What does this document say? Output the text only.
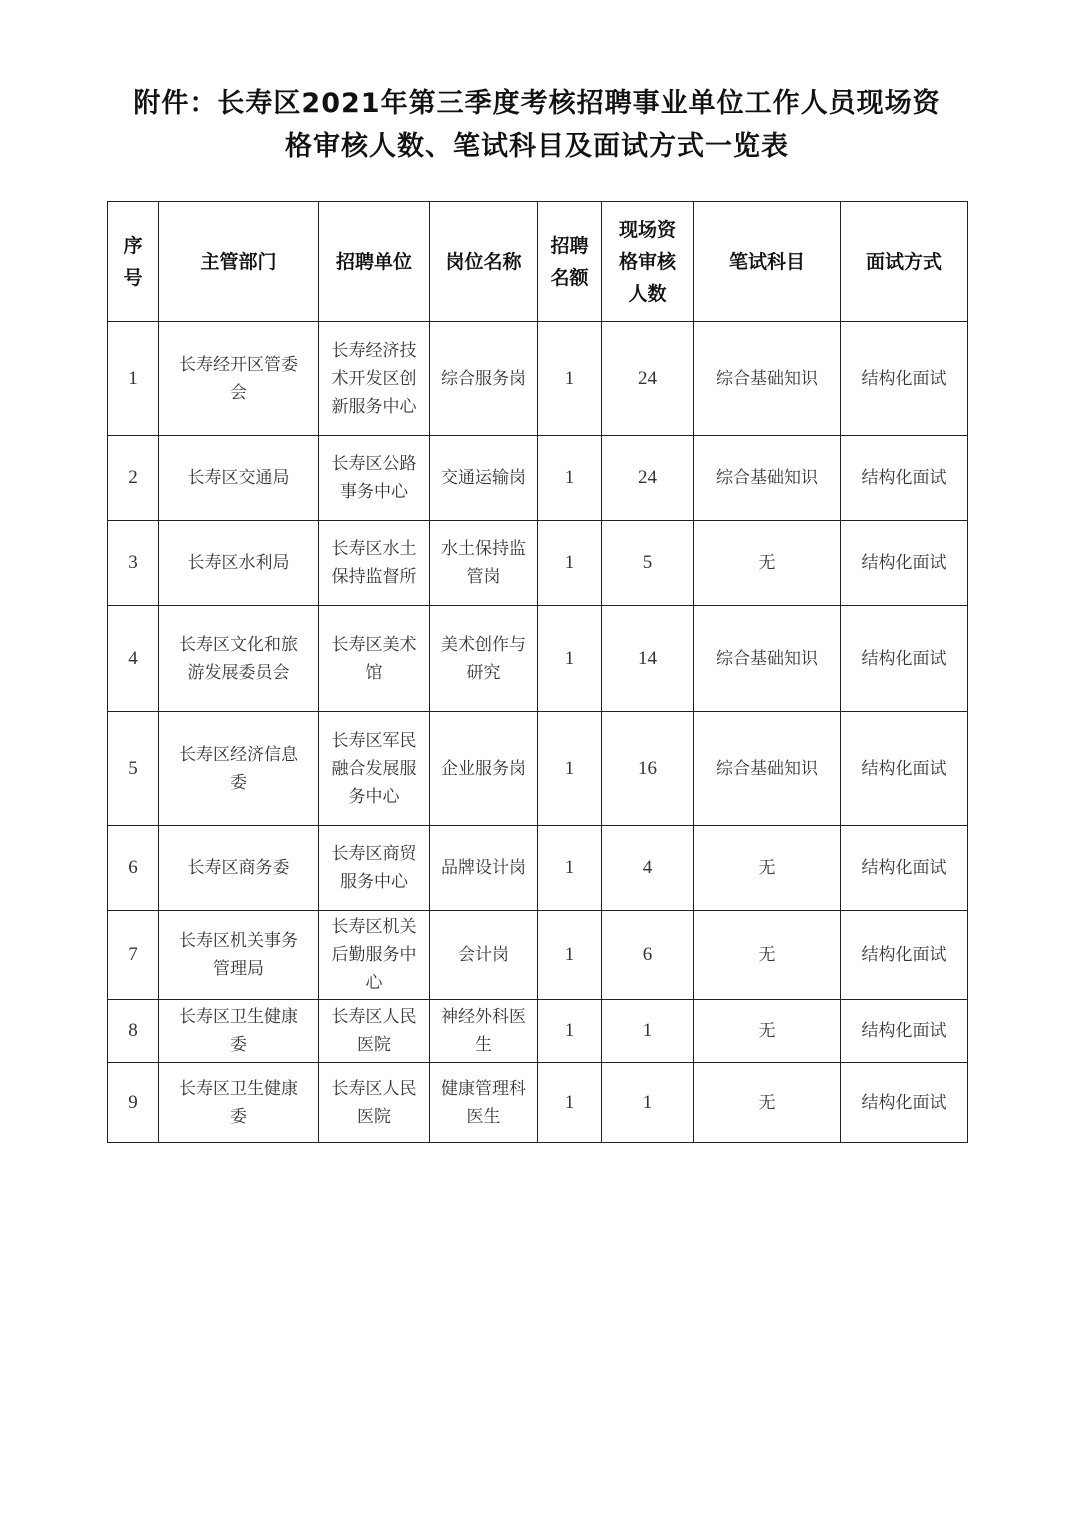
附件：长寿区2021年第三季度考核招聘事业单位工作人员现场资
格审核人数、笔试科目及面试方式一览表
序号	主管部门	招聘单位	岗位名称	招聘名额	现场资格审核人数	笔试科目	面试方式
1	长寿经开区管委会	长寿经济技术开发区创新服务中心	综合服务岗	1	24	综合基础知识	结构化面试
2	长寿区交通局	长寿区公路事务中心	交通运输岗	1	24	综合基础知识	结构化面试
3	长寿区水利局	长寿区水土保持监督所	水土保持监管岗	1	5	无	结构化面试
4	长寿区文化和旅游发展委员会	长寿区美术馆	美术创作与研究	1	14	综合基础知识	结构化面试
5	长寿区经济信息委	长寿区军民融合发展服务中心	企业服务岗	1	16	综合基础知识	结构化面试
6	长寿区商务委	长寿区商贸服务中心	品牌设计岗	1	4	无	结构化面试
7	长寿区机关事务管理局	长寿区机关后勤服务中心	会计岗	1	6	无	结构化面试
8	长寿区卫生健康委	长寿区人民医院	神经外科医生	1	1	无	结构化面试
9	长寿区卫生健康委	长寿区人民医院	健康管理科医生	1	1	无	结构化面试
